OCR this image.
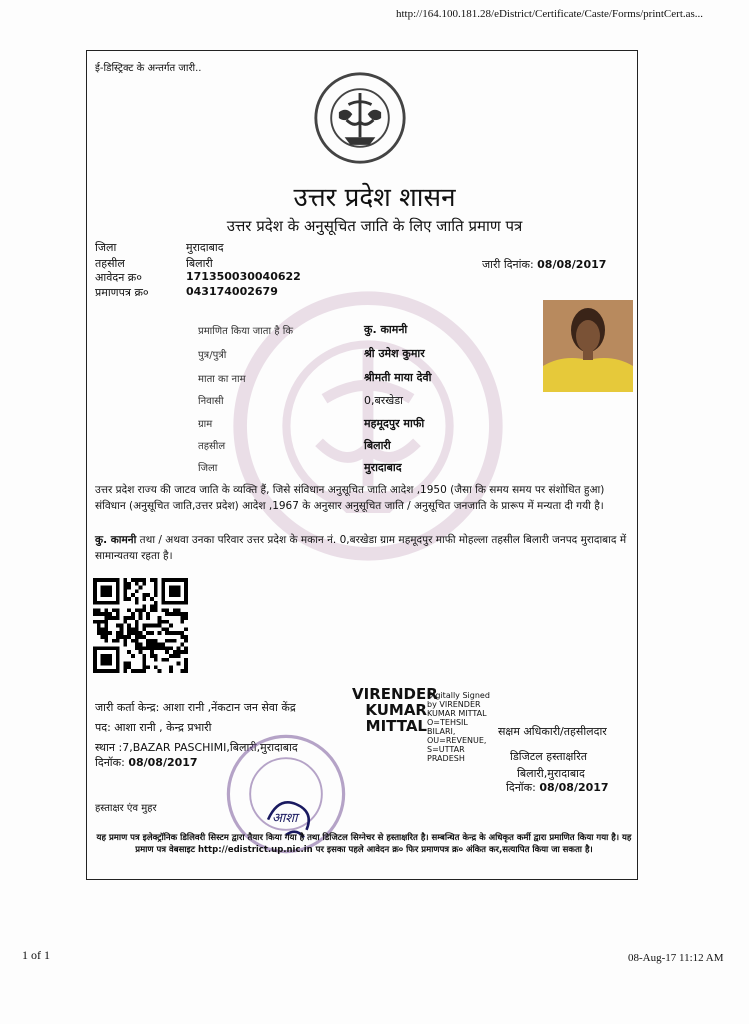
http://164.100.181.28/eDistrict/Certificate/Caste/Forms/printCert.as...
ई-डिस्ट्रिक्ट के अन्तर्गत जारी..
उत्तर प्रदेश शासन
उत्तर प्रदेश के अनुसूचित जाति के लिए जाति प्रमाण पत्र
जिला	मुरादाबाद
तहसील	बिलारी
आवेदन क्र०	171350030040622
प्रमाणपत्र क्र०	043174002679
जारी दिनांक: 08/08/2017
प्रमाणित किया जाता है कि	कु. कामनी
पुत्र/पुत्री	श्री उमेश कुमार
माता का नाम	श्रीमती माया देवी
निवासी	0,बरखेडा
ग्राम	महमूदपुर माफी
तहसील	बिलारी
जिला	मुरादाबाद
उत्तर प्रदेश राज्य की जाटव जाति के व्यक्ति हैं, जिसे संविधान अनुसूचित जाति आदेश ,1950 (जैसा कि समय समय पर संशोधित हुआ) संविधान (अनुसूचित जाति,उत्तर प्रदेश) आदेश ,1967 के अनुसार अनुसूचित जाति / अनुसूचित जनजाति के प्रारूप में मन्यता दी गयी है।
कु. कामनी तथा / अथवा उनका परिवार उत्तर प्रदेश के मकान नं. 0,बरखेडा ग्राम महमूदपुर माफी मोहल्ला तहसील बिलारी जनपद मुरादाबाद में सामान्यतया रहता है।
जारी कर्ता केन्द्र: आशा रानी ,नेंकटान जन सेवा केंद्र
पद: आशा रानी , केन्द्र प्रभारी
स्थान :7,BAZAR PASCHIMI,बिलारी,मुरादाबाद
दिनॉक: 08/08/2017
हस्ताक्षर एंव मुहर
आशा
VIRENDER KUMAR MITTAL
Digitally Signed by VIRENDER KUMAR MITTAL O=TEHSIL BILARI, OU=REVENUE, S=UTTAR PRADESH
सक्षम अधिकारी/तहसीलदार
डिजिटल हस्ताक्षरित
बिलारी,मुरादाबाद
दिनॉक: 08/08/2017
यह प्रमाण पत्र इलेक्ट्रॉनिक डिलिवरी सिस्टम द्वारा तैयार किया गया है तथा डिजिटल सिग्नेचर से हस्ताक्षरित है। सम्बन्धित केन्द्र के अधिकृत कर्मी द्वारा प्रमाणित किया गया है। यह प्रमाण पत्र वेबसाइट http://edistrict.up.nic.in पर इसका पहले आवेदन क्र० फिर प्रमाणपत्र क्र० अंकित कर,सत्यापित किया जा सकता है।
1 of 1	08-Aug-17 11:12 AM
